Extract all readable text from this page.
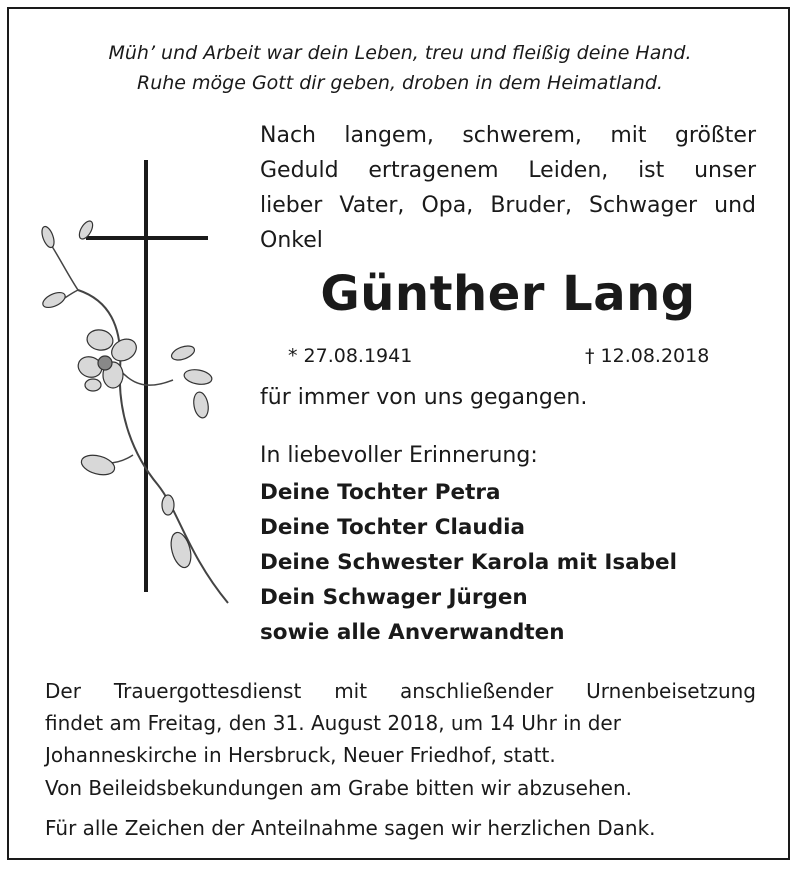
Müh’ und Arbeit war dein Leben, treu und fleißig deine Hand.
Ruhe möge Gott dir geben, droben in dem Heimatland.
Nach langem, schwerem, mit größter
Geduld ertragenem Leiden, ist unser
lieber Vater, Opa, Bruder, Schwager und
Onkel
Günther Lang
* 27.08.1941	† 12.08.2018
für immer von uns gegangen.
In liebevoller Erinnerung:
Deine Tochter Petra
Deine Tochter Claudia
Deine Schwester Karola mit Isabel
Dein Schwager Jürgen
sowie alle Anverwandten
Der Trauergottesdienst mit anschließender Urnenbeisetzung
findet am Freitag, den 31. August 2018, um 14 Uhr in der
Johanneskirche in Hersbruck, Neuer Friedhof, statt.
Von Beileidsbekundungen am Grabe bitten wir abzusehen.
Für alle Zeichen der Anteilnahme sagen wir herzlichen Dank.
